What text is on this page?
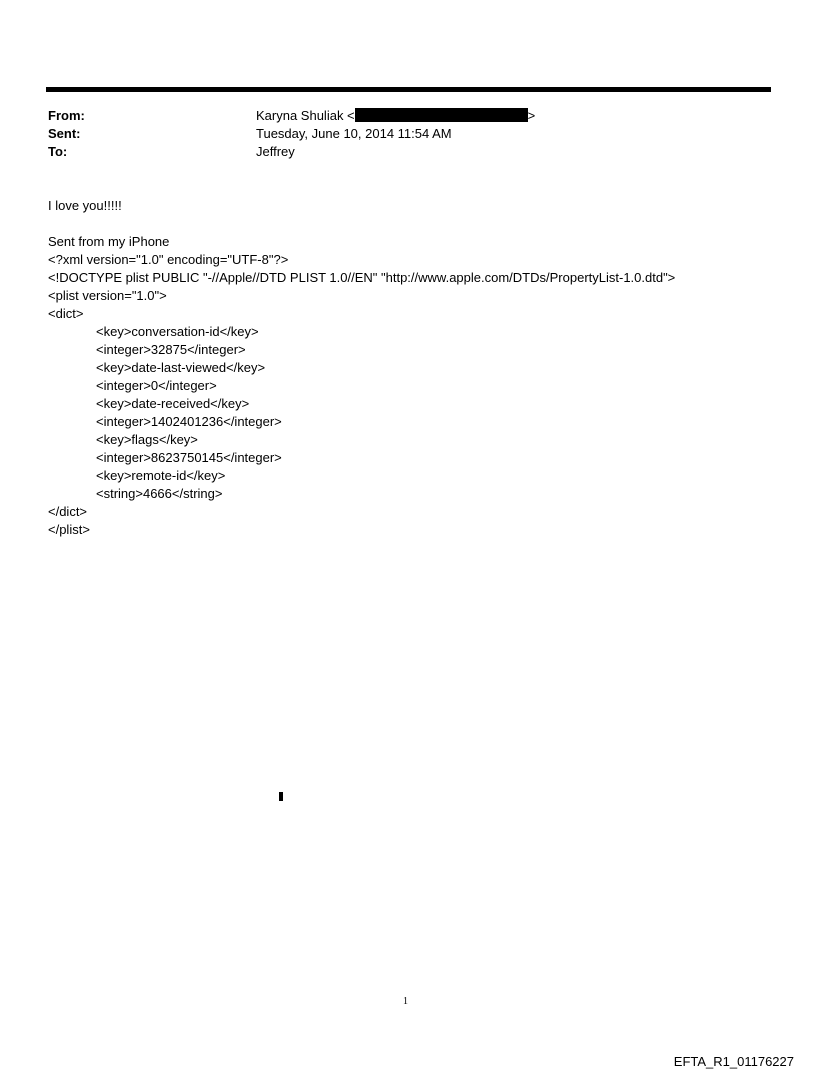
From:
Sent:
To:
Karyna Shuliak <	>
Tuesday, June 10, 2014 11:54 AM
Jeffrey
I love you!!!!!
Sent from my iPhone
<?xml version="1.0" encoding="UTF-8"?>
<!DOCTYPE plist PUBLIC "-//Apple//DTD PLIST 1.0//EN" "http://www.apple.com/DTDs/PropertyList-1.0.dtd">
<plist version="1.0">
<dict>
<key>conversation-id</key>
<integer>32875</integer>
<key>date-last-viewed</key>
<integer>0</integer>
<key>date-received</key>
<integer>1402401236</integer>
<key>flags</key>
<integer>8623750145</integer>
<key>remote-id</key>
<string>4666</string>
</dict>
</plist>
1
EFTA_R1_01176227
